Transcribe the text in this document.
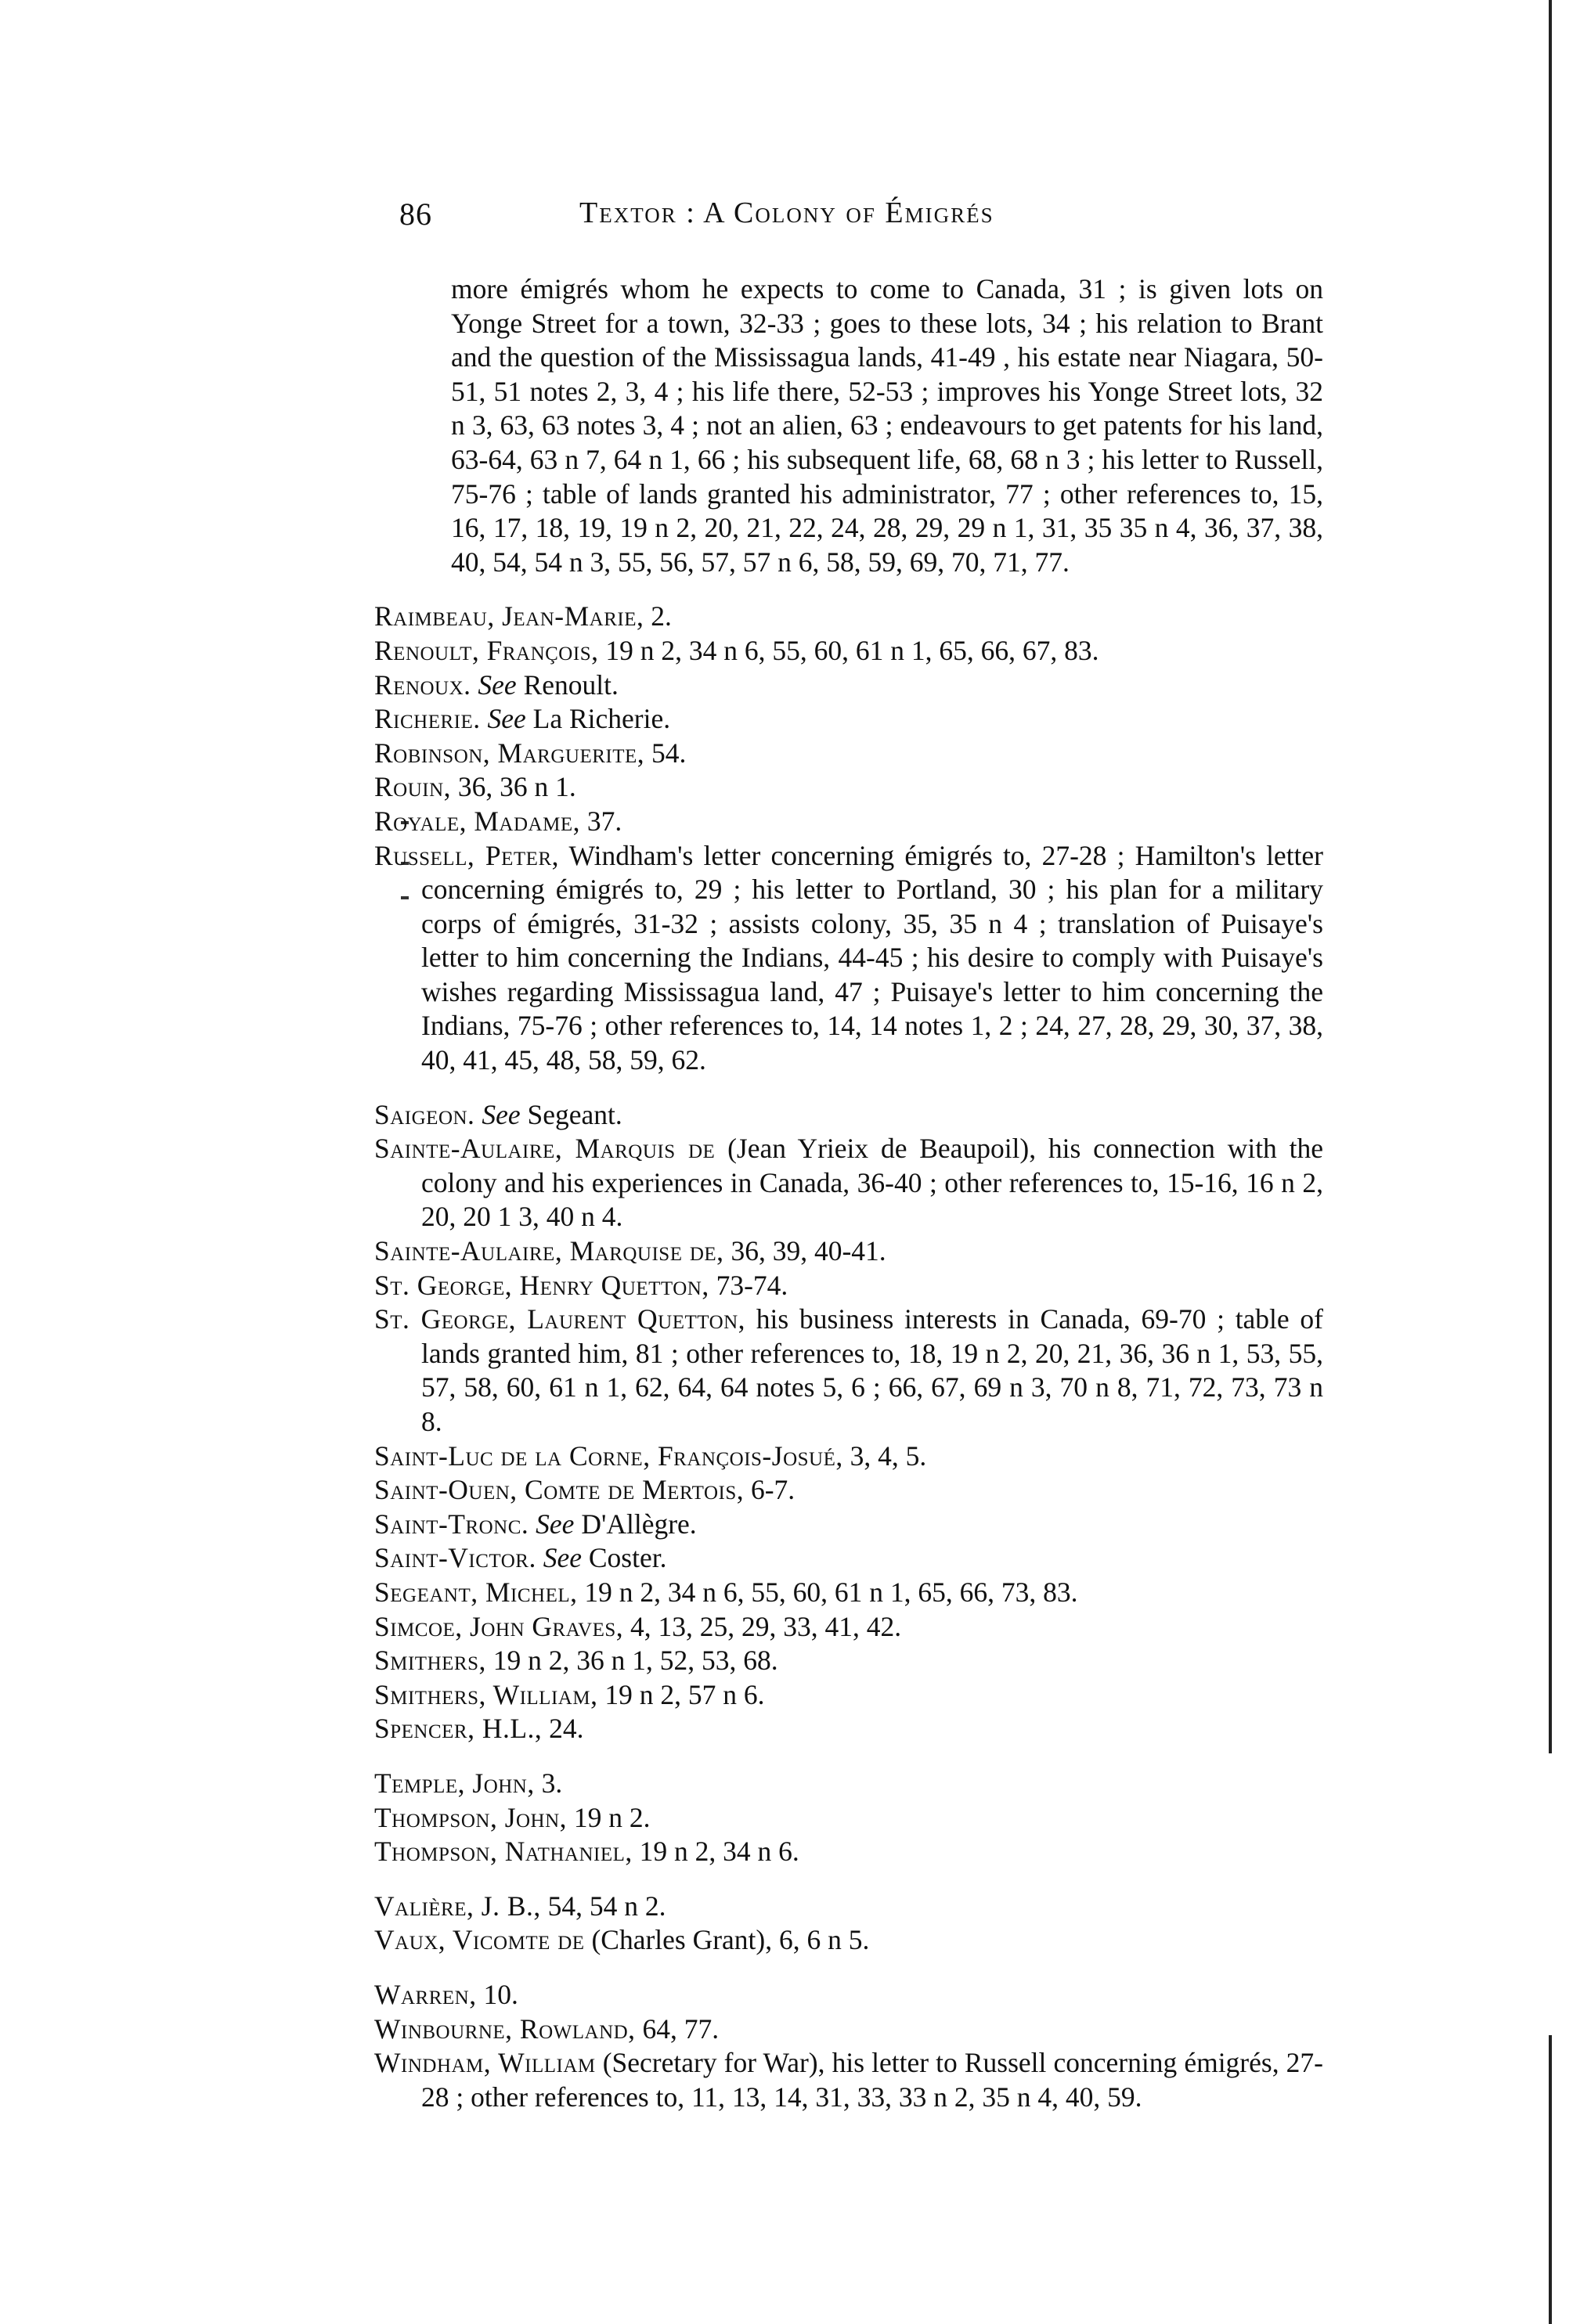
86	Textor : A Colony of Émigrés

more émigrés whom he expects to come to Canada, 31 ; is given lots on Yonge Street for a town, 32-33 ; goes to these lots, 34 ; his relation to Brant and the question of the Mississagua lands, 41-49 , his estate near Niagara, 50-51, 51 notes 2, 3, 4 ; his life there, 52-53 ; improves his Yonge Street lots, 32 n 3, 63, 63 notes 3, 4 ; not an alien, 63 ; endeavours to get patents for his land, 63-64, 63 n 7, 64 n 1, 66 ; his subsequent life, 68, 68 n 3 ; his letter to Russell, 75-76 ; table of lands granted his administrator, 77 ; other references to, 15, 16, 17, 18, 19, 19 n 2, 20, 21, 22, 24, 28, 29, 29 n 1, 31, 35 35 n 4, 36, 37, 38, 40, 54, 54 n 3, 55, 56, 57, 57 n 6, 58, 59, 69, 70, 71, 77.

Raimbeau, Jean-Marie, 2.

Renoult, François, 19 n 2, 34 n 6, 55, 60, 61 n 1, 65, 66, 67, 83.

Renoux. See Renoult.

Richerie. See La Richerie.

Robinson, Marguerite, 54.

Rouin, 36, 36 n 1.

Royale, Madame, 37.

Russell, Peter, Windham's letter concerning émigrés to, 27-28 ; Hamilton's letter concerning émigrés to, 29 ; his letter to Portland, 30 ; his plan for a military corps of émigrés, 31-32 ; assists colony, 35, 35 n 4 ; translation of Puisaye's letter to him concerning the Indians, 44-45 ; his desire to comply with Puisaye's wishes regarding Mississagua land, 47 ; Puisaye's letter to him concerning the Indians, 75-76 ; other references to, 14, 14 notes 1, 2 ; 24, 27, 28, 29, 30, 37, 38, 40, 41, 45, 48, 58, 59, 62.

Saigeon. See Segeant.

Sainte-Aulaire, Marquis de (Jean Yrieix de Beaupoil), his connection with the colony and his experiences in Canada, 36-40 ; other references to, 15-16, 16 n 2, 20, 20 1 3, 40 n 4.

Sainte-Aulaire, Marquise de, 36, 39, 40-41.

St. George, Henry Quetton, 73-74.

St. George, Laurent Quetton, his business interests in Canada, 69-70 ; table of lands granted him, 81 ; other references to, 18, 19 n 2, 20, 21, 36, 36 n 1, 53, 55, 57, 58, 60, 61 n 1, 62, 64, 64 notes 5, 6 ; 66, 67, 69 n 3, 70 n 8, 71, 72, 73, 73 n 8.

Saint-Luc de la Corne, François-Josué, 3, 4, 5.

Saint-Ouen, Comte de Mertois, 6-7.

Saint-Tronc. See D'Allègre.

Saint-Victor. See Coster.

Segeant, Michel, 19 n 2, 34 n 6, 55, 60, 61 n 1, 65, 66, 73, 83.

Simcoe, John Graves, 4, 13, 25, 29, 33, 41, 42.

Smithers, 19 n 2, 36 n 1, 52, 53, 68.

Smithers, William, 19 n 2, 57 n 6.

Spencer, H.L., 24.

Temple, John, 3.

Thompson, John, 19 n 2.

Thompson, Nathaniel, 19 n 2, 34 n 6.

Valière, J. B., 54, 54 n 2.

Vaux, Vicomte de (Charles Grant), 6, 6 n 5.

Warren, 10.

Winbourne, Rowland, 64, 77.

Windham, William (Secretary for War), his letter to Russell concerning émigrés, 27-28 ; other references to, 11, 13, 14, 31, 33, 33 n 2, 35 n 4, 40, 59.
